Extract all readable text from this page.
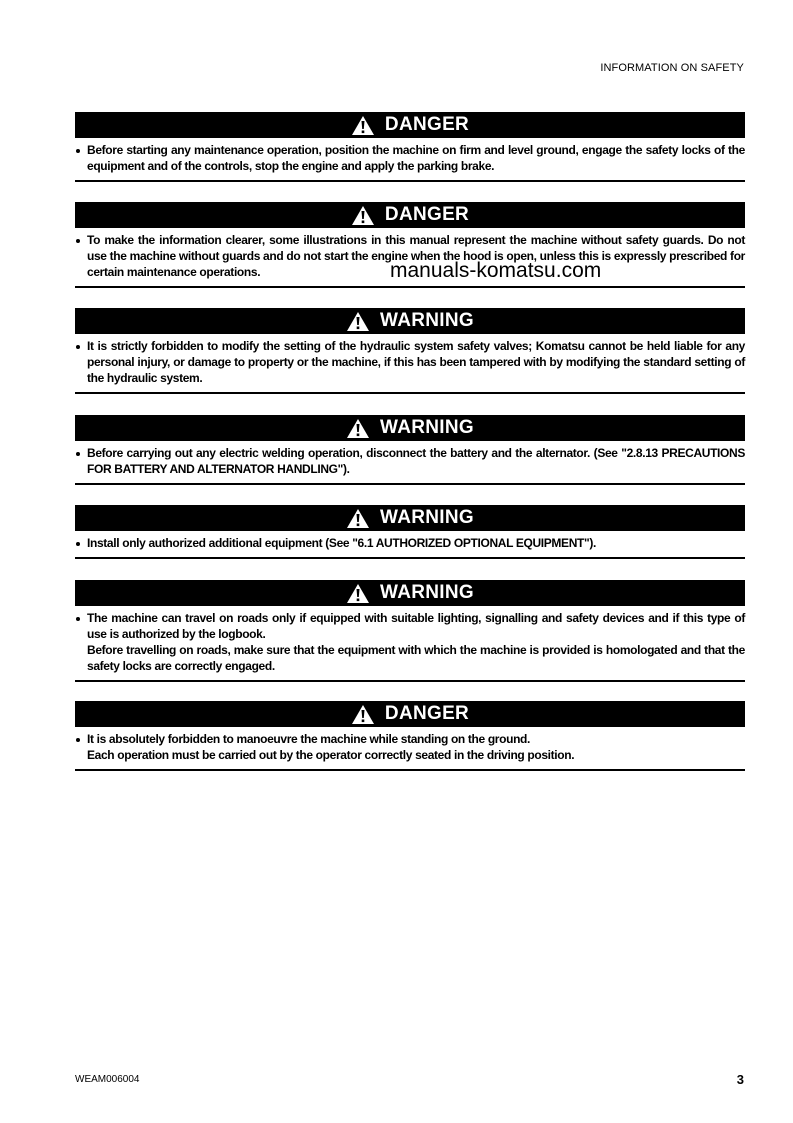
INFORMATION ON SAFETY
DANGER

Before starting any maintenance operation, position the machine on firm and level ground, engage the safety locks of the equipment and of the controls, stop the engine and apply the parking brake.

DANGER

To make the information clearer, some illustrations in this manual represent the machine without safety guards. Do not use the machine without guards and do not start the engine when the hood is open, unless this is expressly prescribed for certain maintenance operations.

WARNING

It is strictly forbidden to modify the setting of the hydraulic system safety valves; Komatsu cannot be held liable for any personal injury, or damage to property or the machine, if this has been tampered with by modifying the standard setting of the hydraulic system.

WARNING

Before carrying out any electric welding operation, disconnect the battery and the alternator. (See "2.8.13 PRECAUTIONS FOR BATTERY AND ALTERNATOR HANDLING").

WARNING

Install only authorized additional equipment (See "6.1 AUTHORIZED OPTIONAL EQUIPMENT").

WARNING

The machine can travel on roads only if equipped with suitable lighting, signalling and safety devices and if this type of use is authorized by the logbook.

Before travelling on roads, make sure that the equipment with which the machine is provided is homologated and that the safety locks are correctly engaged.

DANGER

It is absolutely forbidden to manoeuvre the machine while standing on the ground.

Each operation must be carried out by the operator correctly seated in the driving position.

manuals-komatsu.com
WEAM006004	3
